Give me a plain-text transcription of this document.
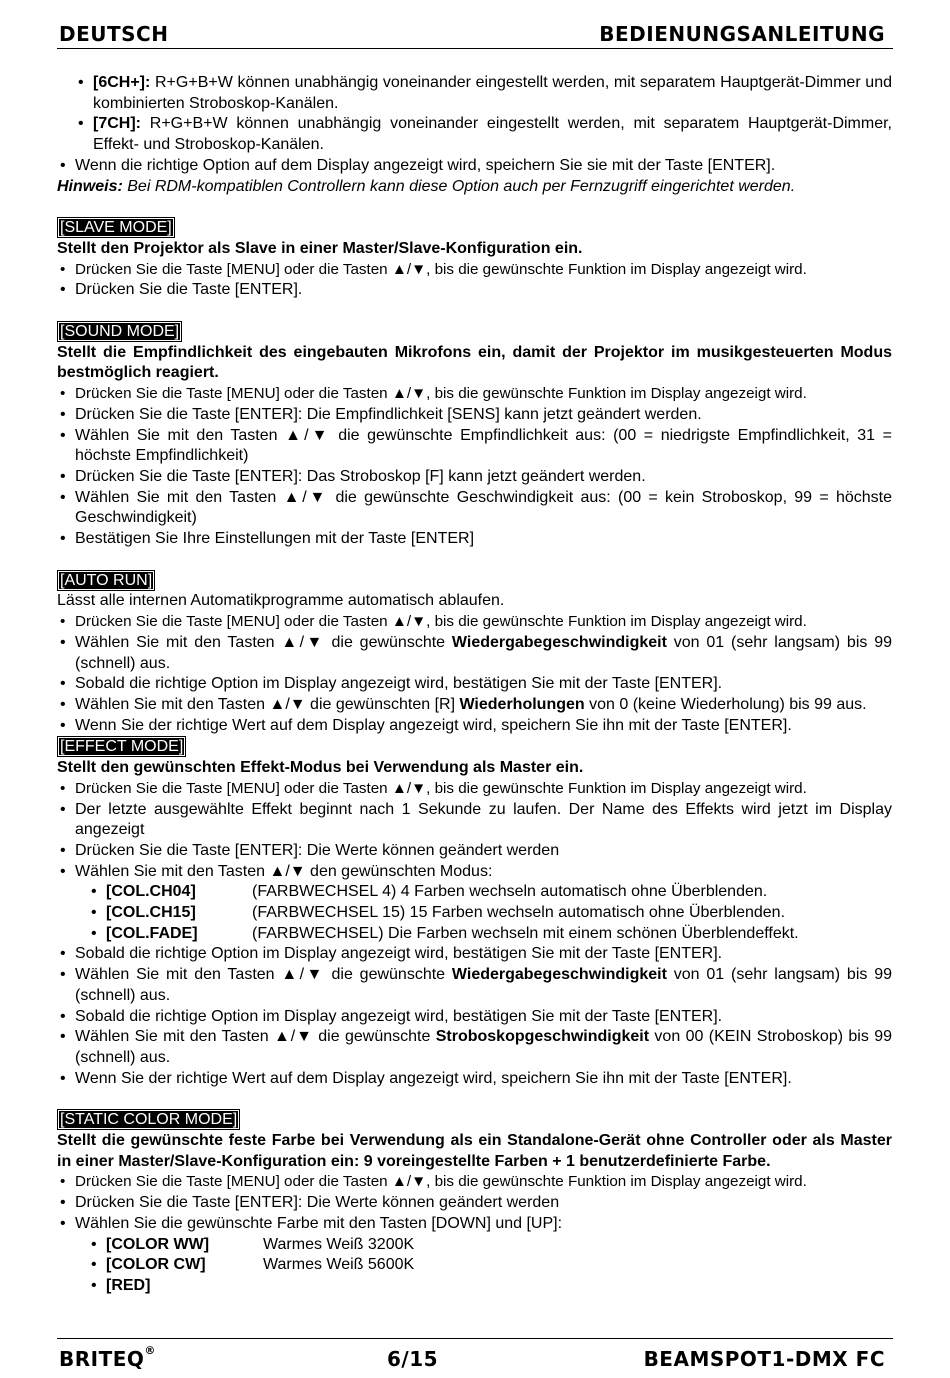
DEUTSCH	BEDIENUNGSANLEITUNG
• [6CH+]: R+G+B+W können unabhängig voneinander eingestellt werden, mit separatem Hauptgerät-Dimmer und kombinierten Stroboskop-Kanälen.
• [7CH]: R+G+B+W können unabhängig voneinander eingestellt werden, mit separatem Hauptgerät-Dimmer, Effekt- und Stroboskop-Kanälen.
• Wenn die richtige Option auf dem Display angezeigt wird, speichern Sie sie mit der Taste [ENTER].
Hinweis: Bei RDM-kompatiblen Controllern kann diese Option auch per Fernzugriff eingerichtet werden.
[SLAVE MODE]
Stellt den Projektor als Slave in einer Master/Slave-Konfiguration ein.
• Drücken Sie die Taste [MENU] oder die Tasten ▲/▼, bis die gewünschte Funktion im Display angezeigt wird.
• Drücken Sie die Taste [ENTER].
[SOUND MODE]
Stellt die Empfindlichkeit des eingebauten Mikrofons ein, damit der Projektor im musikgesteuerten Modus bestmöglich reagiert.
• Drücken Sie die Taste [MENU] oder die Tasten ▲/▼, bis die gewünschte Funktion im Display angezeigt wird.
• Drücken Sie die Taste [ENTER]: Die Empfindlichkeit [SENS] kann jetzt geändert werden.
• Wählen Sie mit den Tasten ▲/▼ die gewünschte Empfindlichkeit aus: (00 = niedrigste Empfindlichkeit, 31 = höchste Empfindlichkeit)
• Drücken Sie die Taste [ENTER]: Das Stroboskop [F] kann jetzt geändert werden.
• Wählen Sie mit den Tasten ▲/▼ die gewünschte Geschwindigkeit aus: (00 = kein Stroboskop, 99 = höchste Geschwindigkeit)
• Bestätigen Sie Ihre Einstellungen mit der Taste [ENTER]
[AUTO RUN]
Lässt alle internen Automatikprogramme automatisch ablaufen.
• Drücken Sie die Taste [MENU] oder die Tasten ▲/▼, bis die gewünschte Funktion im Display angezeigt wird.
• Wählen Sie mit den Tasten ▲/▼ die gewünschte Wiedergabegeschwindigkeit von 01 (sehr langsam) bis 99 (schnell) aus.
• Sobald die richtige Option im Display angezeigt wird, bestätigen Sie mit der Taste [ENTER].
• Wählen Sie mit den Tasten ▲/▼ die gewünschten [R] Wiederholungen von 0 (keine Wiederholung) bis 99 aus.
• Wenn Sie der richtige Wert auf dem Display angezeigt wird, speichern Sie ihn mit der Taste [ENTER].
[EFFECT MODE]
Stellt den gewünschten Effekt-Modus bei Verwendung als Master ein.
• Drücken Sie die Taste [MENU] oder die Tasten ▲/▼, bis die gewünschte Funktion im Display angezeigt wird.
• Der letzte ausgewählte Effekt beginnt nach 1 Sekunde zu laufen. Der Name des Effekts wird jetzt im Display angezeigt
• Drücken Sie die Taste [ENTER]: Die Werte können geändert werden
• Wählen Sie mit den Tasten ▲/▼ den gewünschten Modus:
• [COL.CH04]	(FARBWECHSEL 4) 4 Farben wechseln automatisch ohne Überblenden.
• [COL.CH15]	(FARBWECHSEL 15) 15 Farben wechseln automatisch ohne Überblenden.
• [COL.FADE]	(FARBWECHSEL) Die Farben wechseln mit einem schönen Überblendeffekt.
• Sobald die richtige Option im Display angezeigt wird, bestätigen Sie mit der Taste [ENTER].
• Wählen Sie mit den Tasten ▲/▼ die gewünschte Wiedergabegeschwindigkeit von 01 (sehr langsam) bis 99 (schnell) aus.
• Sobald die richtige Option im Display angezeigt wird, bestätigen Sie mit der Taste [ENTER].
• Wählen Sie mit den Tasten ▲/▼ die gewünschte Stroboskopgeschwindigkeit von 00 (KEIN Stroboskop) bis 99 (schnell) aus.
• Wenn Sie der richtige Wert auf dem Display angezeigt wird, speichern Sie ihn mit der Taste [ENTER].
[STATIC COLOR MODE]
Stellt die gewünschte feste Farbe bei Verwendung als ein Standalone-Gerät ohne Controller oder als Master in einer Master/Slave-Konfiguration ein: 9 voreingestellte Farben + 1 benutzerdefinierte Farbe.
• Drücken Sie die Taste [MENU] oder die Tasten ▲/▼, bis die gewünschte Funktion im Display angezeigt wird.
• Drücken Sie die Taste [ENTER]: Die Werte können geändert werden
• Wählen Sie die gewünschte Farbe mit den Tasten [DOWN] und [UP]:
• [COLOR WW]	Warmes Weiß 3200K
• [COLOR CW]	Warmes Weiß 5600K
• [RED]
BRITEQ®	6/15	BEAMSPOT1-DMX FC
